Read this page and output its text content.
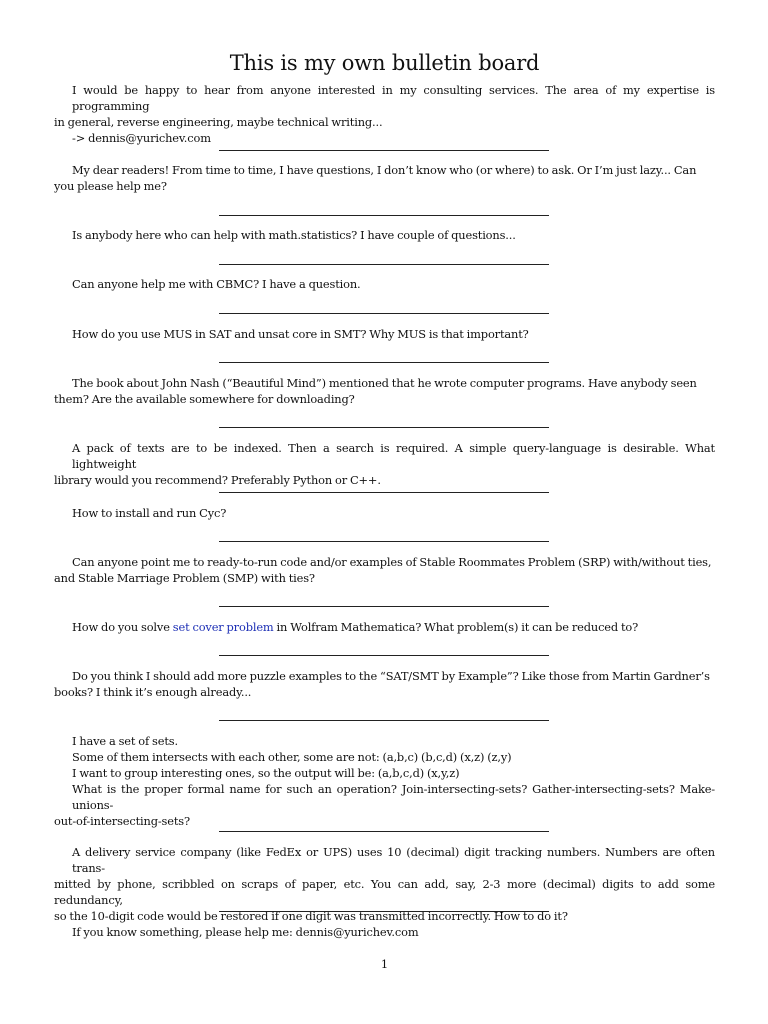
This is my own bulletin board
I would be happy to hear from anyone interested in my consulting services. The area of my expertise is programming
in general, reverse engineering, maybe technical writing...
-> dennis@yurichev.com
My dear readers! From time to time, I have questions, I don’t know who (or where) to ask. Or I’m just lazy... Can
you please help me?
Is anybody here who can help with math.statistics? I have couple of questions...
Can anyone help me with CBMC? I have a question.
How do you use MUS in SAT and unsat core in SMT? Why MUS is that important?
The book about John Nash (“Beautiful Mind”) mentioned that he wrote computer programs. Have anybody seen
them? Are the available somewhere for downloading?
A pack of texts are to be indexed. Then a search is required. A simple query-language is desirable. What lightweight
library would you recommend? Preferably Python or C++.
How to install and run Cyc?
Can anyone point me to ready-to-run code and/or examples of Stable Roommates Problem (SRP) with/without ties,
and Stable Marriage Problem (SMP) with ties?
How do you solve set cover problem in Wolfram Mathematica? What problem(s) it can be reduced to?
Do you think I should add more puzzle examples to the “SAT/SMT by Example”? Like those from Martin Gardner’s
books? I think it’s enough already...
I have a set of sets.
Some of them intersects with each other, some are not: (a,b,c) (b,c,d) (x,z) (z,y)
I want to group interesting ones, so the output will be: (a,b,c,d) (x,y,z)
What is the proper formal name for such an operation? Join-intersecting-sets? Gather-intersecting-sets? Make-unions-
out-of-intersecting-sets?
A delivery service company (like FedEx or UPS) uses 10 (decimal) digit tracking numbers. Numbers are often trans-
mitted by phone, scribbled on scraps of paper, etc. You can add, say, 2-3 more (decimal) digits to add some redundancy,
so the 10-digit code would be restored if one digit was transmitted incorrectly. How to do it?
If you know something, please help me: dennis@yurichev.com
1
